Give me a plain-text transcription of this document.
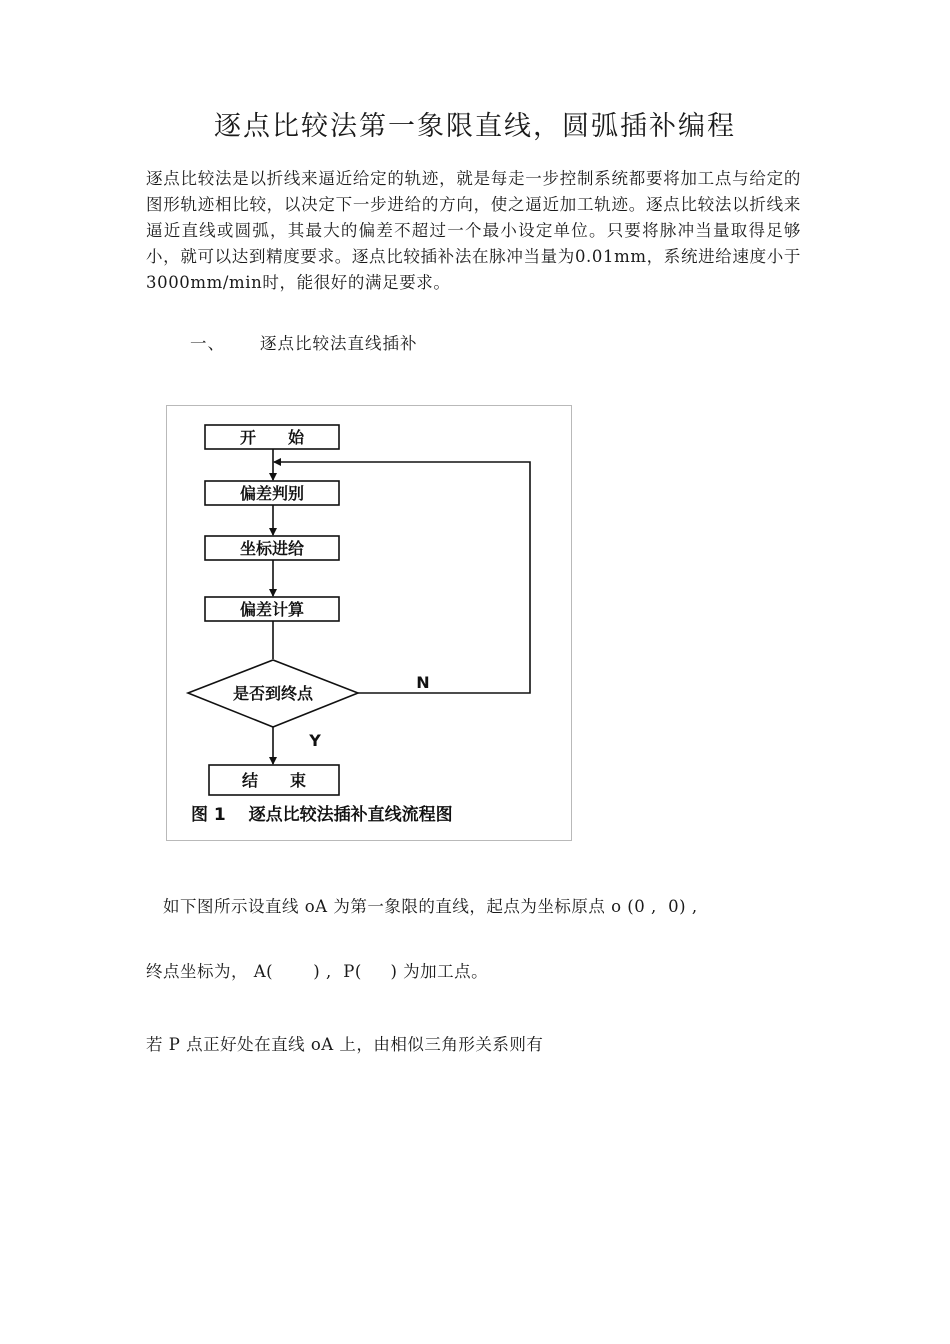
逐点比较法第一象限直线，圆弧插补编程

逐点比较法是以折线来逼近给定的轨迹，就是每走一步控制系统都要将加工点与给定的图形轨迹相比较，以决定下一步进给的方向，使之逼近加工轨迹。逐点比较法以折线来逼近直线或圆弧，其最大的偏差不超过一个最小设定单位。只要将脉冲当量取得足够小，就可以达到精度要求。逐点比较插补法在脉冲当量为0.01mm，系统进给速度小于3000mm/min时，能很好的满足要求。

一、 逐点比较法直线插补

开　　始
偏差判别
坐标进给
偏差计算
是否到终点
N
Y
结　　束
图 1　 逐点比较法插补直线流程图

如下图所示设直线 oA 为第一象限的直线，起点为坐标原点 o (0 ,  0) ,

终点坐标为， A(       ) ,  P(     ) 为加工点。

若 P 点正好处在直线 oA 上，由相似三角形关系则有
